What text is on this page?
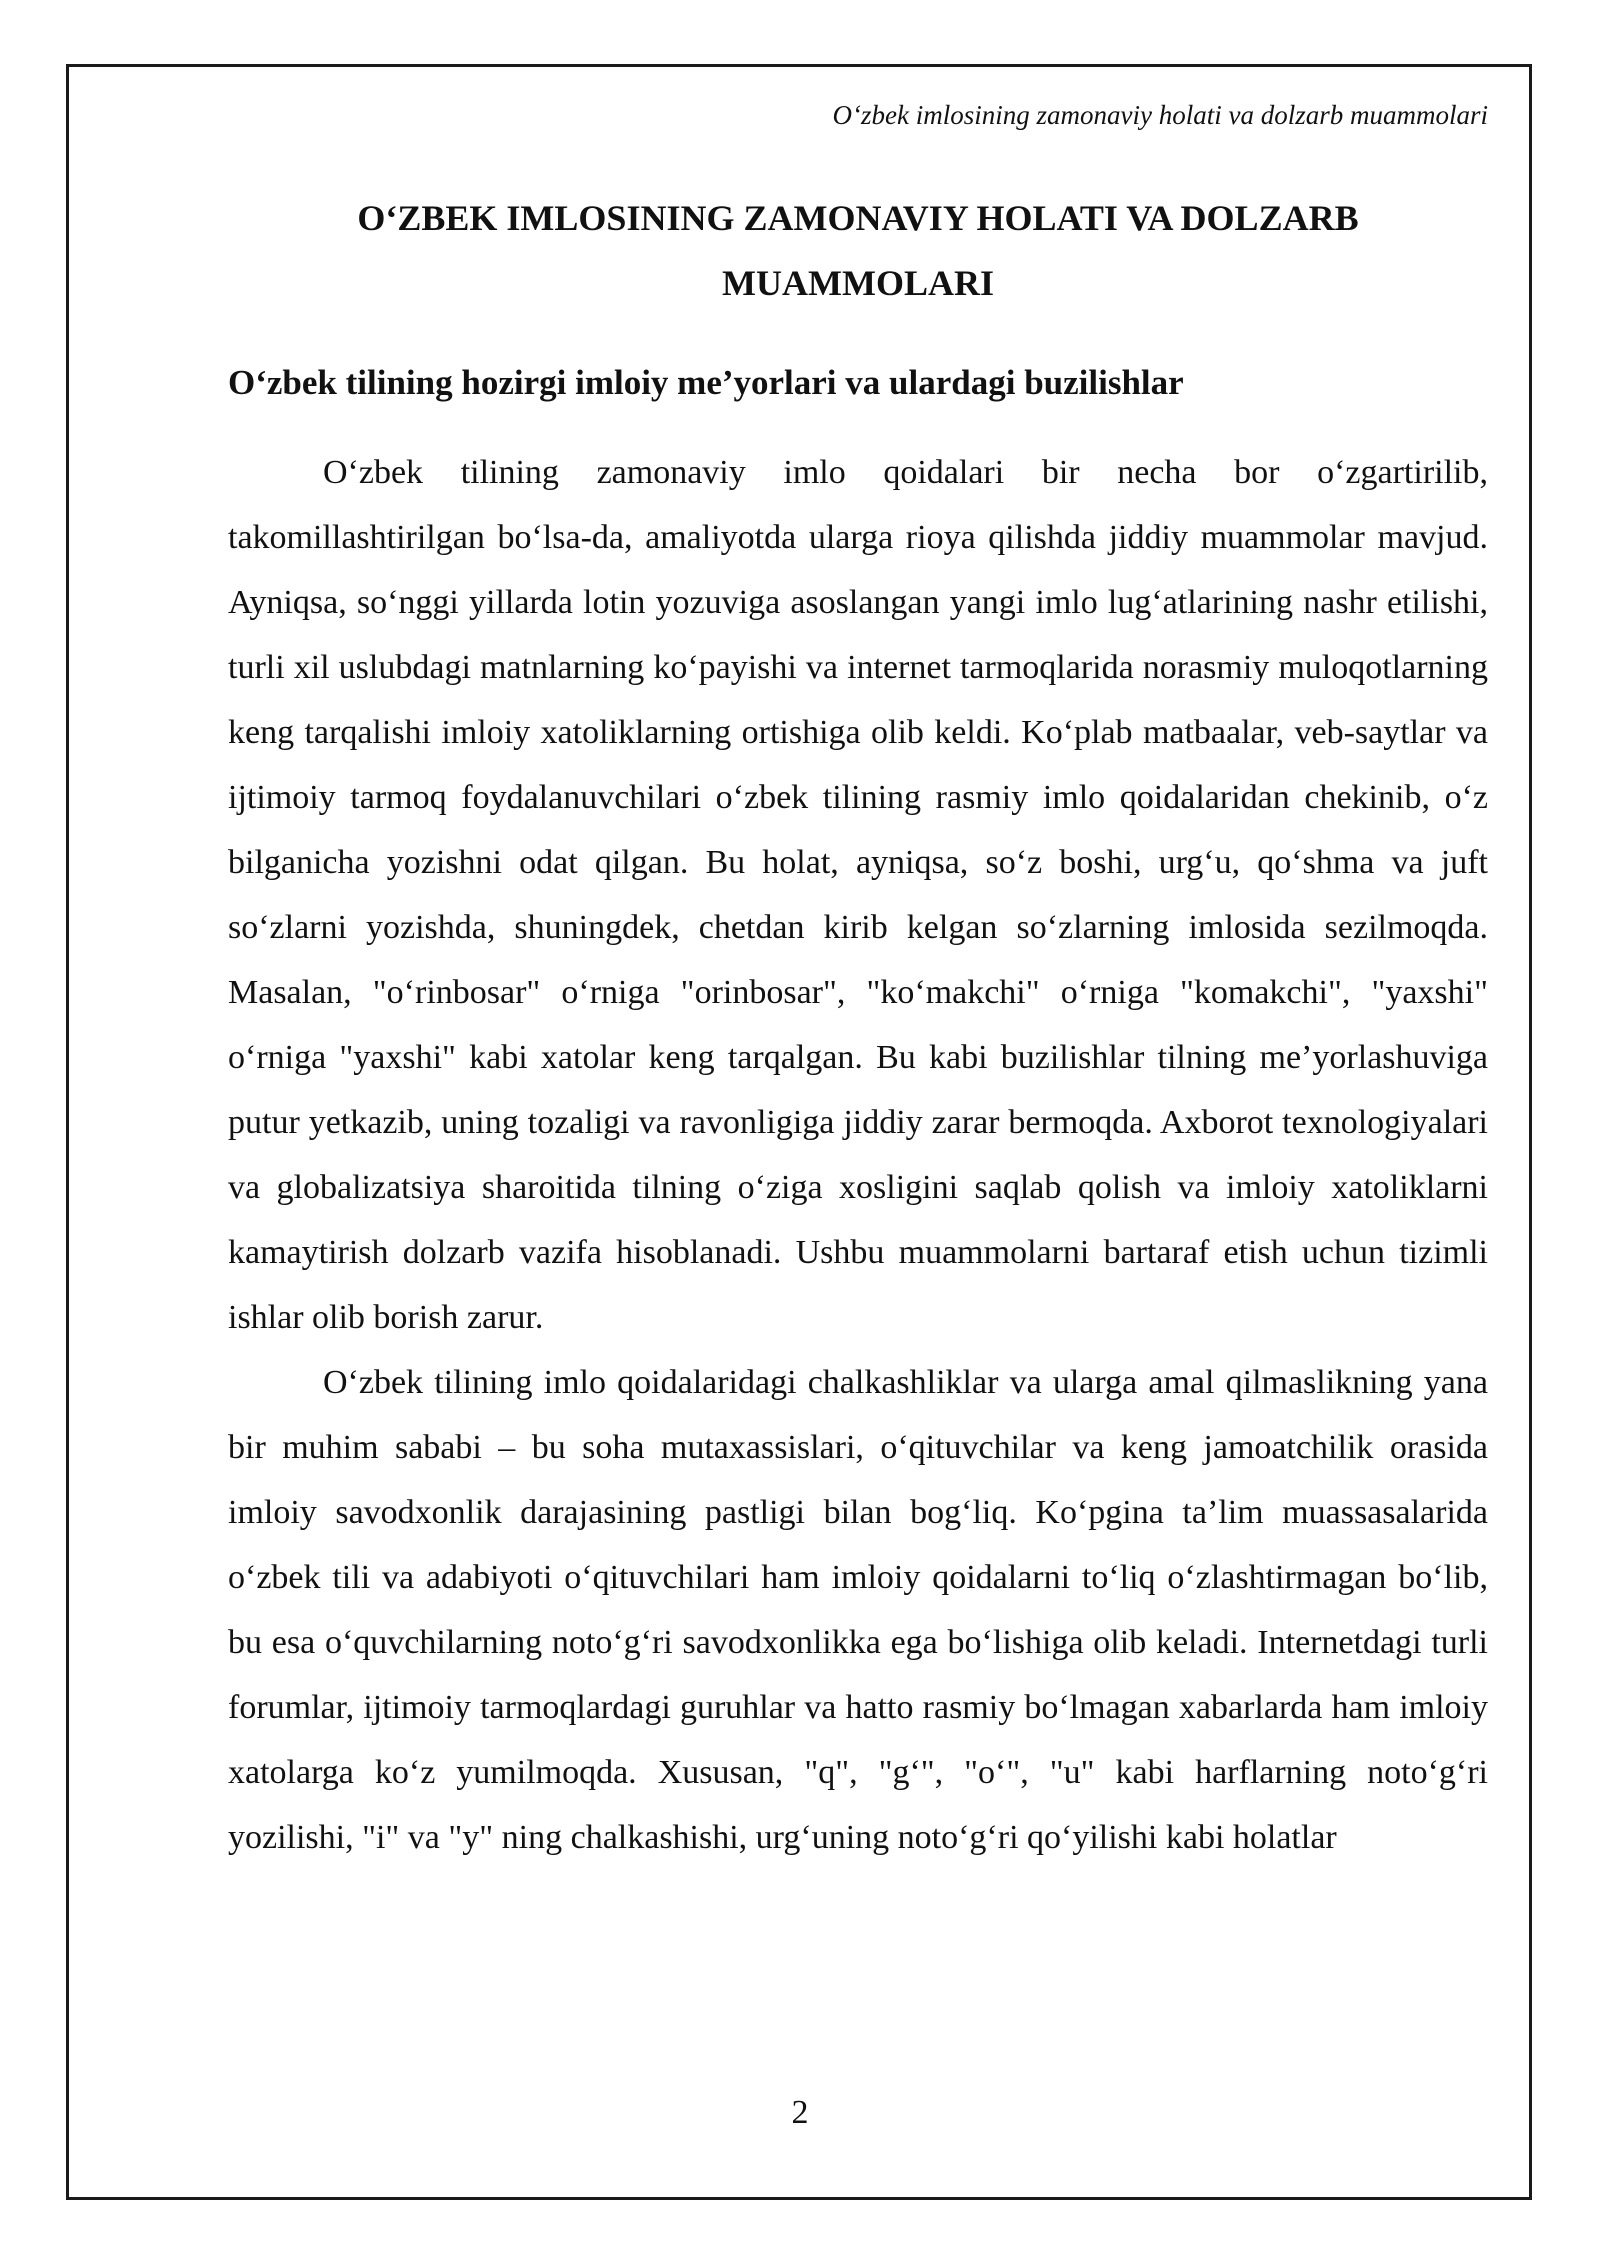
O‘zbek imlosining zamonaviy holati va dolzarb muammolari
O‘ZBEK IMLOSINING ZAMONAVIY HOLATI VA DOLZARB
MUAMMOLARI
O‘zbek tilining hozirgi imloiy me’yorlari va ulardagi buzilishlar

O‘zbek tilining zamonaviy imlo qoidalari bir necha bor o‘zgartirilib, takomillashtirilgan bo‘lsa-da, amaliyotda ularga rioya qilishda jiddiy muammolar mavjud. Ayniqsa, so‘nggi yillarda lotin yozuviga asoslangan yangi imlo lug‘atlarining nashr etilishi, turli xil uslubdagi matnlarning ko‘payishi va internet tarmoqlarida norasmiy muloqotlarning keng tarqalishi imloiy xatoliklarning ortishiga olib keldi. Ko‘plab matbaalar, veb-saytlar va ijtimoiy tarmoq foydalanuvchilari o‘zbek tilining rasmiy imlo qoidalaridan chekinib, o‘z bilganicha yozishni odat qilgan. Bu holat, ayniqsa, so‘z boshi, urg‘u, qo‘shma va juft so‘zlarni yozishda, shuningdek, chetdan kirib kelgan so‘zlarning imlosida sezilmoqda. Masalan, "o‘rinbosar" o‘rniga "orinbosar", "ko‘makchi" o‘rniga "komakchi", "yaxshi" o‘rniga "yaxshi" kabi xatolar keng tarqalgan. Bu kabi buzilishlar tilning me’yorlashuviga putur yetkazib, uning tozaligi va ravonligiga jiddiy zarar bermoqda. Axborot texnologiyalari va globalizatsiya sharoitida tilning o‘ziga xosligini saqlab qolish va imloiy xatoliklarni kamaytirish dolzarb vazifa hisoblanadi. Ushbu muammolarni bartaraf etish uchun tizimli ishlar olib borish zarur.

O‘zbek tilining imlo qoidalaridagi chalkashliklar va ularga amal qilmaslikning yana bir muhim sababi – bu soha mutaxassislari, o‘qituvchilar va keng jamoatchilik orasida imloiy savodxonlik darajasining pastligi bilan bog‘liq. Ko‘pgina ta’lim muassasalarida o‘zbek tili va adabiyoti o‘qituvchilari ham imloiy qoidalarni to‘liq o‘zlashtirmagan bo‘lib, bu esa o‘quvchilarning noto‘g‘ri savodxonlikka ega bo‘lishiga olib keladi. Internetdagi turli forumlar, ijtimoiy tarmoqlardagi guruhlar va hatto rasmiy bo‘lmagan xabarlarda ham imloiy xatolarga ko‘z yumilmoqda. Xususan, "q", "g‘", "o‘", "u" kabi harflarning noto‘g‘ri yozilishi, "i" va "y" ning chalkashishi, urg‘uning noto‘g‘ri qo‘yilishi kabi holatlar

2
